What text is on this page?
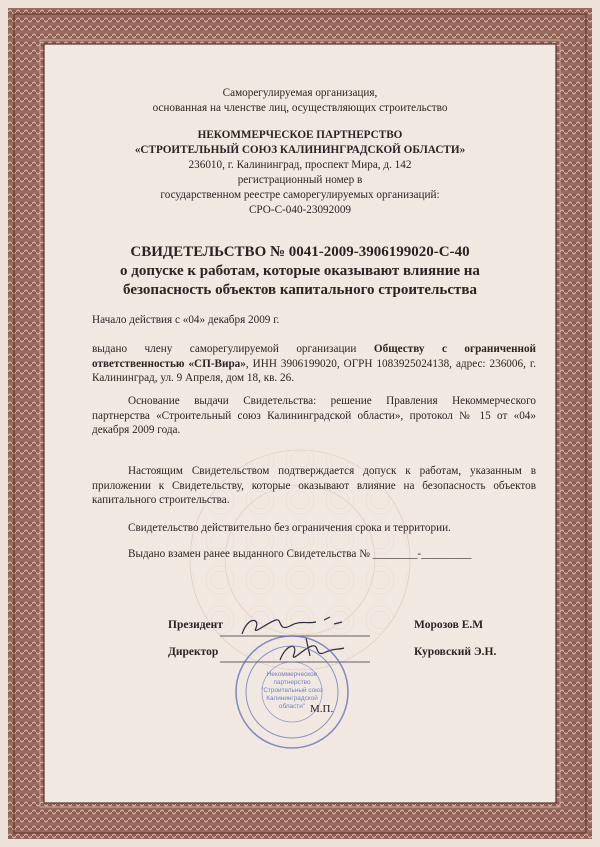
Саморегулируемая организация,
основанная на членстве лиц, осуществляющих строительство
НЕКОММЕРЧЕСКОЕ ПАРТНЕРСТВО
«СТРОИТЕЛЬНЫЙ СОЮЗ КАЛИНИНГРАДСКОЙ ОБЛАСТИ»
236010, г. Калининград, проспект Мира, д. 142
регистрационный номер в
государственном реестре саморегулируемых организаций:
СРО-С-040-23092009
СВИДЕТЕЛЬСТВО № 0041-2009-3906199020-С-40
о допуске к работам, которые оказывают влияние на
безопасность объектов капитального строительства
Начало действия с «04» декабря 2009 г.
выдано члену саморегулируемой организации Обществу с ограниченной ответственностью «СП-Вира», ИНН 3906199020, ОГРН 1083925024138, адрес: 236006, г. Калининград, ул. 9 Апреля, дом 18, кв. 26.
Основание выдачи Свидетельства: решение Правления Некоммерческого партнерства «Строительный союз Калининградской области», протокол № 15 от «04» декабря 2009 года.
Настоящим Свидетельством подтверждается допуск к работам, указанным в приложении к Свидетельству, которые оказывают влияние на безопасность объектов капитального строительства.
Свидетельство действительно без ограничения срока и территории.
Выдано взамен ранее выданного Свидетельства № ________-_________
Президент	Морозов Е.М
Директор	Куровский Э.Н.
Некоммерческое
партнерство
"Строительный союз
Калининградской
области" М.П.
